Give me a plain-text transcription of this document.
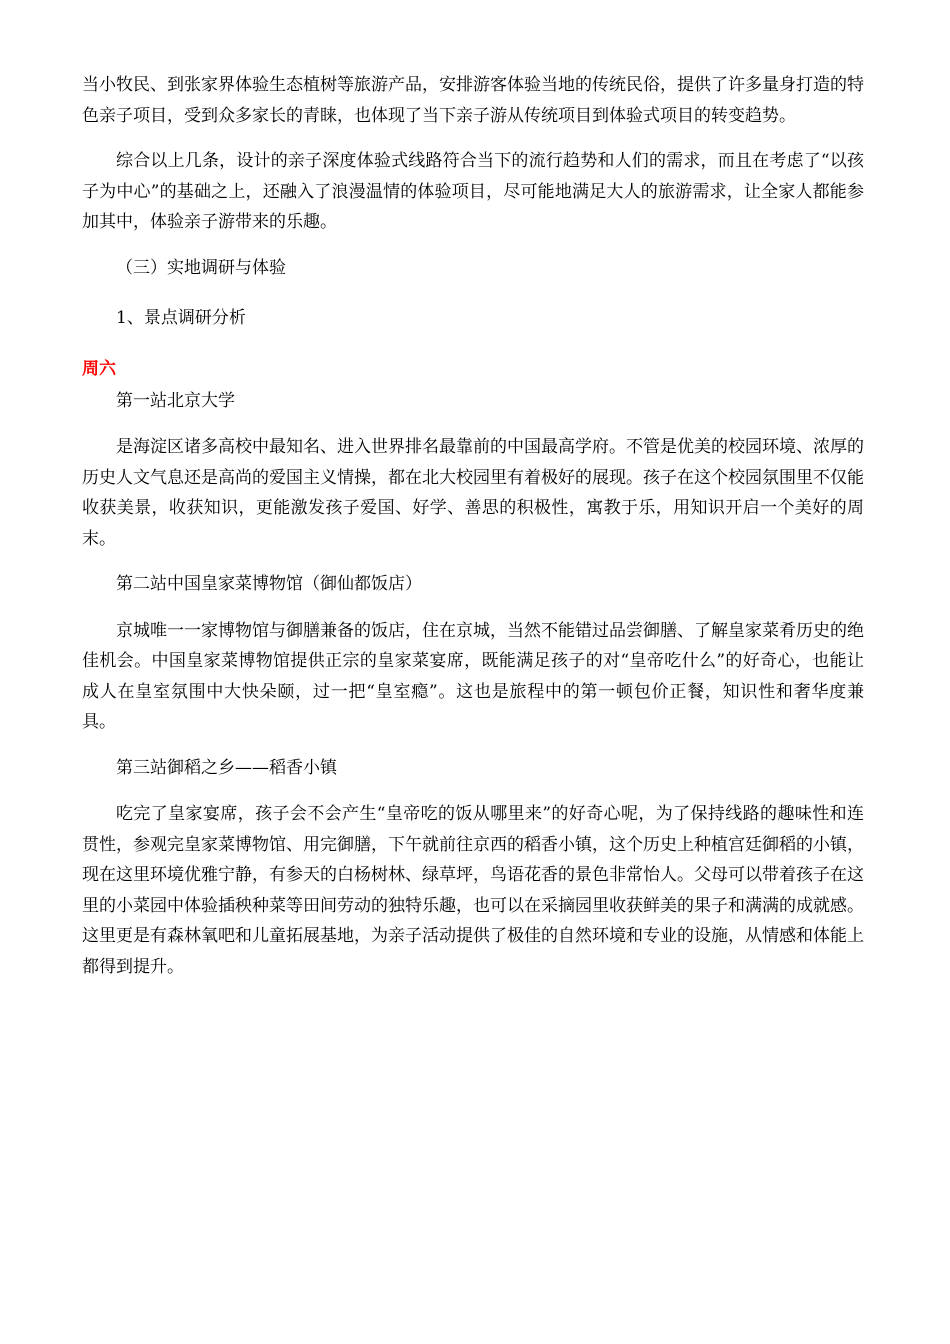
当小牧民、到张家界体验生态植树等旅游产品，安排游客体验当地的传统民俗，提供了许多量身打造的特色亲子项目，受到众多家长的青睐，也体现了当下亲子游从传统项目到体验式项目的转变趋势。

综合以上几条，设计的亲子深度体验式线路符合当下的流行趋势和人们的需求，而且在考虑了“以孩子为中心”的基础之上，还融入了浪漫温情的体验项目，尽可能地满足大人的旅游需求，让全家人都能参加其中，体验亲子游带来的乐趣。

（三）实地调研与体验

1、景点调研分析

周六

第一站北京大学

是海淀区诸多高校中最知名、进入世界排名最靠前的中国最高学府。不管是优美的校园环境、浓厚的历史人文气息还是高尚的爱国主义情操，都在北大校园里有着极好的展现。孩子在这个校园氛围里不仅能收获美景，收获知识，更能激发孩子爱国、好学、善思的积极性，寓教于乐，用知识开启一个美好的周末。

第二站中国皇家菜博物馆（御仙都饭店）

京城唯一一家博物馆与御膳兼备的饭店，住在京城，当然不能错过品尝御膳、了解皇家菜肴历史的绝佳机会。中国皇家菜博物馆提供正宗的皇家菜宴席，既能满足孩子的对“皇帝吃什么”的好奇心，也能让成人在皇室氛围中大快朵颐，过一把“皇室瘾”。这也是旅程中的第一顿包价正餐，知识性和奢华度兼具。

第三站御稻之乡——稻香小镇

吃完了皇家宴席，孩子会不会产生“皇帝吃的饭从哪里来”的好奇心呢，为了保持线路的趣味性和连贯性，参观完皇家菜博物馆、用完御膳，下午就前往京西的稻香小镇，这个历史上种植宫廷御稻的小镇，现在这里环境优雅宁静，有参天的白杨树林、绿草坪，鸟语花香的景色非常怡人。父母可以带着孩子在这里的小菜园中体验插秧种菜等田间劳动的独特乐趣，也可以在采摘园里收获鲜美的果子和满满的成就感。这里更是有森林氧吧和儿童拓展基地，为亲子活动提供了极佳的自然环境和专业的设施，从情感和体能上都得到提升。
